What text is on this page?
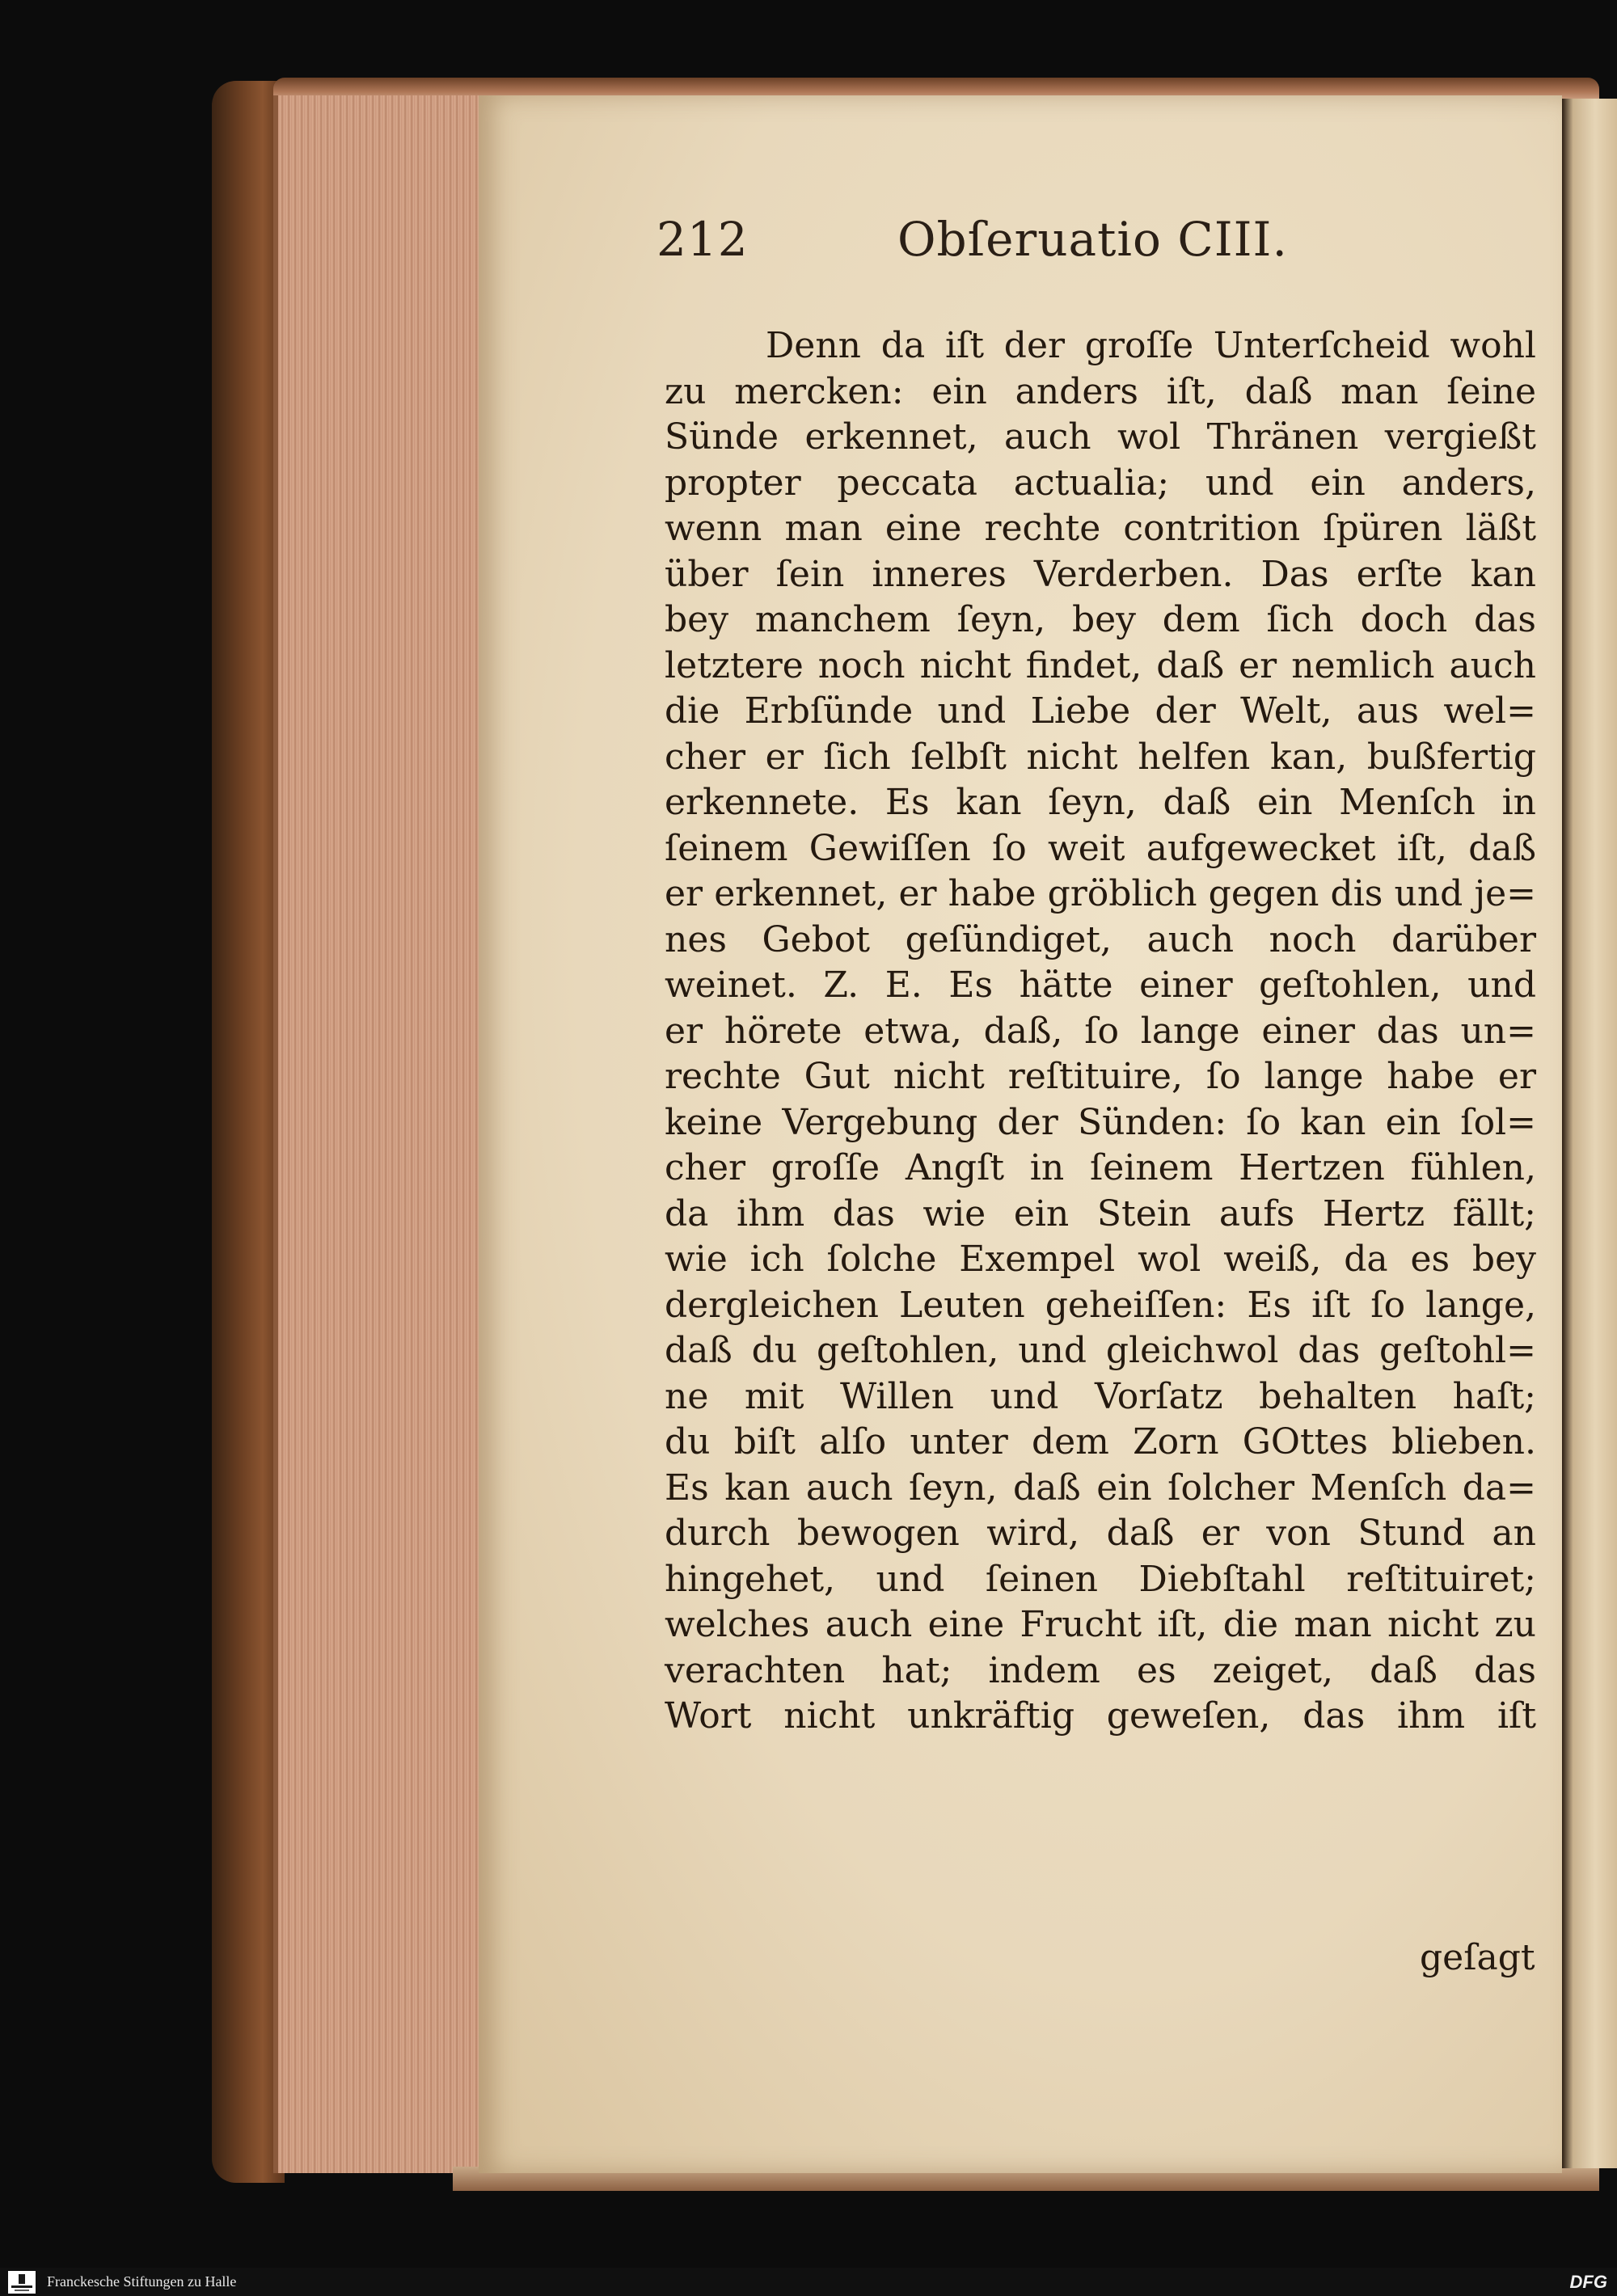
212	Obſeruatio CIII.
Denn da iſt der groſſe Unterſcheid wohl
zu mercken: ein anders iſt, daß man ſeine
Sünde erkennet, auch wol Thränen vergießt
propter peccata actualia; und ein anders,
wenn man eine rechte contrition ſpüren läßt
über ſein inneres Verderben. Das erſte kan
bey manchem ſeyn, bey dem ſich doch das
letztere noch nicht findet, daß er nemlich auch
die Erbſünde und Liebe der Welt, aus wel=
cher er ſich ſelbſt nicht helfen kan, bußfertig
erkennete. Es kan ſeyn, daß ein Menſch in
ſeinem Gewiſſen ſo weit aufgewecket iſt, daß
er erkennet, er habe gröblich gegen dis und je=
nes Gebot geſündiget, auch noch darüber
weinet. Z. E. Es hätte einer geſtohlen, und
er hörete etwa, daß, ſo lange einer das un=
rechte Gut nicht reſtituire, ſo lange habe er
keine Vergebung der Sünden: ſo kan ein ſol=
cher groſſe Angſt in ſeinem Hertzen fühlen,
da ihm das wie ein Stein aufs Hertz fällt;
wie ich ſolche Exempel wol weiß, da es bey
dergleichen Leuten geheiſſen: Es iſt ſo lange,
daß du geſtohlen, und gleichwol das geſtohl=
ne mit Willen und Vorſatz behalten haſt;
du biſt alſo unter dem Zorn GOttes blieben.
Es kan auch ſeyn, daß ein ſolcher Menſch da=
durch bewogen wird, daß er von Stund an
hingehet, und ſeinen Diebſtahl reſtituiret;
welches auch eine Frucht iſt, die man nicht zu
verachten hat; indem es zeiget, daß das
Wort nicht unkräftig geweſen, das ihm iſt
geſagt
Franckesche Stiftungen zu Halle	DFG
